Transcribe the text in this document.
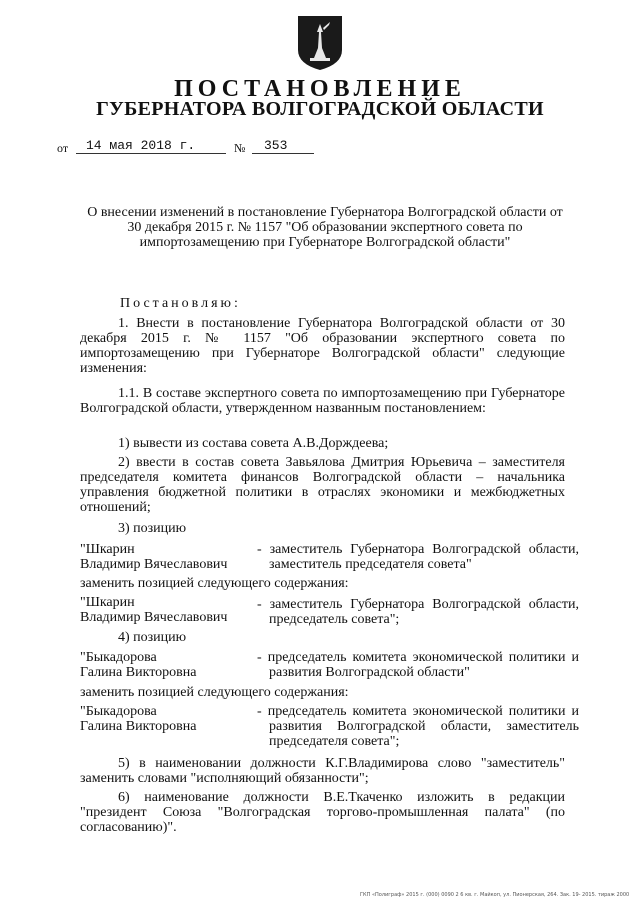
ПОСТАНОВЛЕНИЕ
ГУБЕРНАТОРА ВОЛГОГРАДСКОЙ ОБЛАСТИ
от 14 мая 2018 г.	№ 353
О внесении изменений в постановление Губернатора Волгоградской области от 30 декабря 2015 г. № 1157 "Об образовании экспертного совета по импортозамещению при Губернаторе Волгоградской области"
Постановляю:
1. Внести в постановление Губернатора Волгоградской области от 30 декабря 2015 г. № 1157 "Об образовании экспертного совета по импортозамещению при Губернаторе Волгоградской области" следующие изменения:
1.1. В составе экспертного совета по импортозамещению при Губернаторе Волгоградской области, утвержденном названным постановлением:
1) вывести из состава совета А.В.Дорждеева;
2) ввести в состав совета Завьялова Дмитрия Юрьевича – заместителя председателя комитета финансов Волгоградской области – начальника управления бюджетной политики в отраслях экономики и межбюджетных отношений;
3) позицию
"Шкарин
Владимир Вячеславович
- заместитель Губернатора Волгоградской области, заместитель председателя совета"
заменить позицией следующего содержания:
"Шкарин
Владимир Вячеславович
- заместитель Губернатора Волгоградской области, председатель совета";
4) позицию
"Быкадорова
Галина Викторовна
- председатель комитета экономической политики и развития Волгоградской области"
заменить позицией следующего содержания:
"Быкадорова
Галина Викторовна
- председатель комитета экономической политики и развития Волгоградской области, заместитель председателя совета";
5) в наименовании должности К.Г.Владимирова слово "заместитель" заменить словами "исполняющий обязанности";
6) наименование должности В.Е.Ткаченко изложить в редакции "президент Союза "Волгоградская торгово-промышленная палата" (по согласованию)".
ГКП «Полиграф» 2015 г. (000) 0090 2 6 кв. г. Майкоп, ул. Пионерская, 264. Зак. 19- 2015. тираж 2000
